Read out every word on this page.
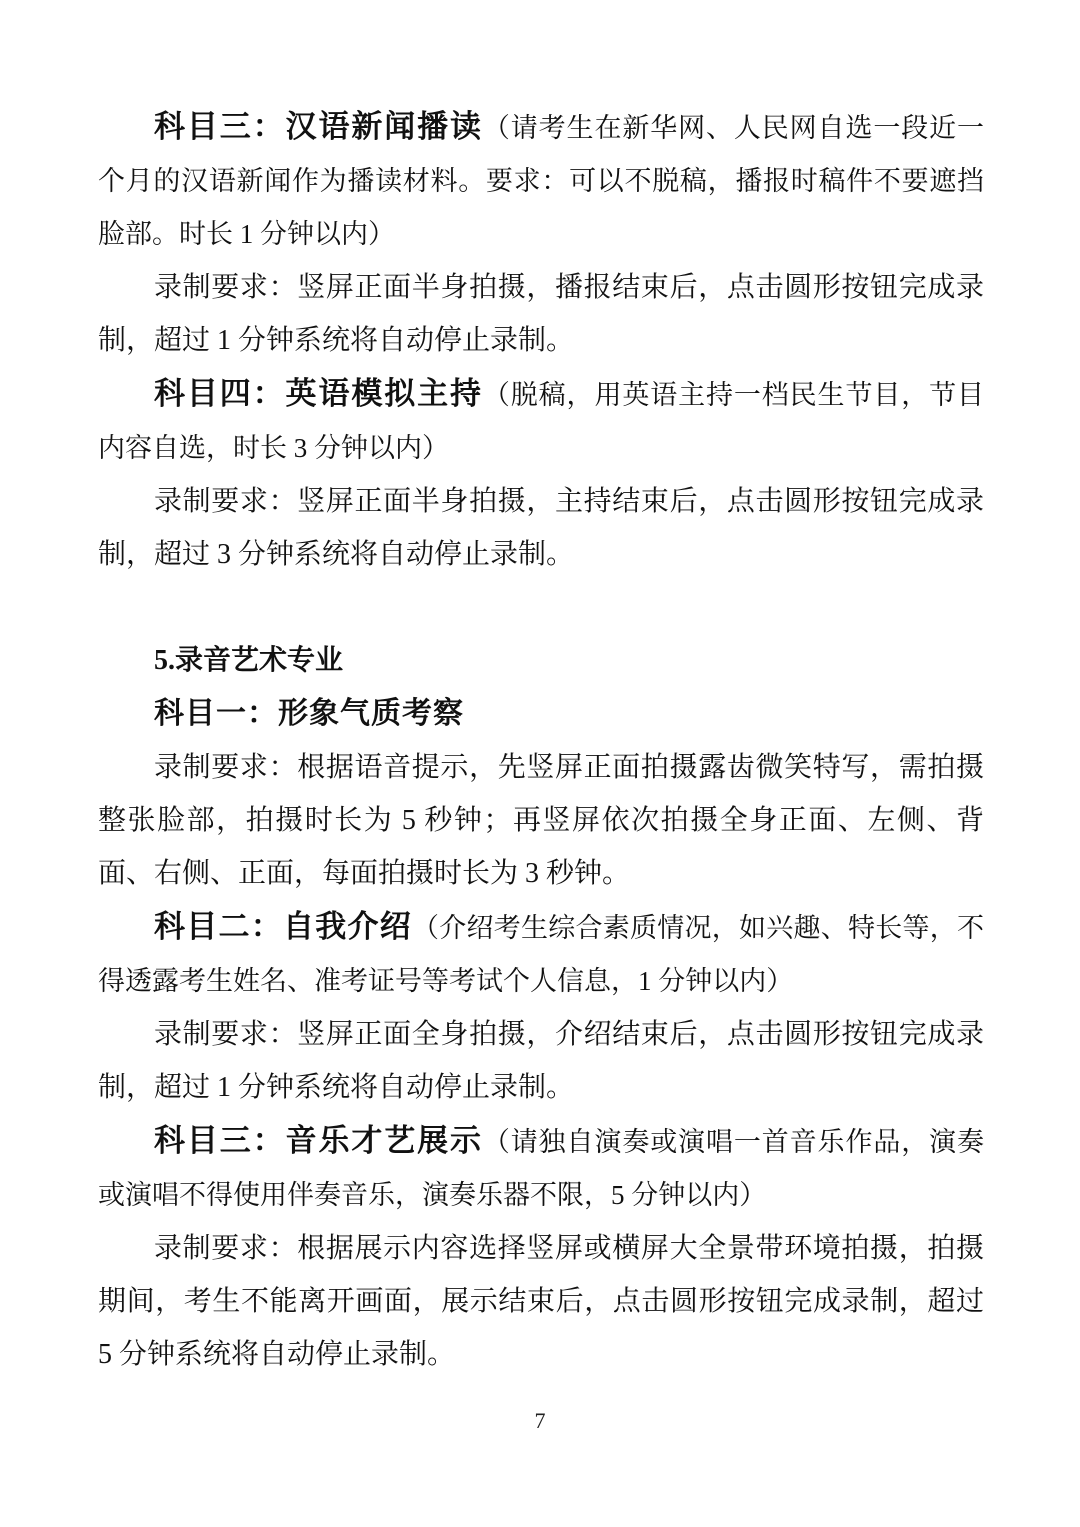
科目三：汉语新闻播读（请考生在新华网、人民网自选一段近一个月的汉语新闻作为播读材料。要求：可以不脱稿，播报时稿件不要遮挡脸部。时长 1 分钟以内）

录制要求：竖屏正面半身拍摄，播报结束后，点击圆形按钮完成录制，超过 1 分钟系统将自动停止录制。

科目四：英语模拟主持（脱稿，用英语主持一档民生节目，节目内容自选，时长 3 分钟以内）

录制要求：竖屏正面半身拍摄，主持结束后，点击圆形按钮完成录制，超过 3 分钟系统将自动停止录制。

5.录音艺术专业

科目一：形象气质考察

录制要求：根据语音提示，先竖屏正面拍摄露齿微笑特写，需拍摄整张脸部，拍摄时长为 5 秒钟；再竖屏依次拍摄全身正面、左侧、背面、右侧、正面，每面拍摄时长为 3 秒钟。

科目二：自我介绍（介绍考生综合素质情况，如兴趣、特长等，不得透露考生姓名、准考证号等考试个人信息，1 分钟以内）

录制要求：竖屏正面全身拍摄，介绍结束后，点击圆形按钮完成录制，超过 1 分钟系统将自动停止录制。

科目三：音乐才艺展示（请独自演奏或演唱一首音乐作品，演奏或演唱不得使用伴奏音乐，演奏乐器不限，5 分钟以内）

录制要求：根据展示内容选择竖屏或横屏大全景带环境拍摄，拍摄期间，考生不能离开画面，展示结束后，点击圆形按钮完成录制，超过 5 分钟系统将自动停止录制。

7
